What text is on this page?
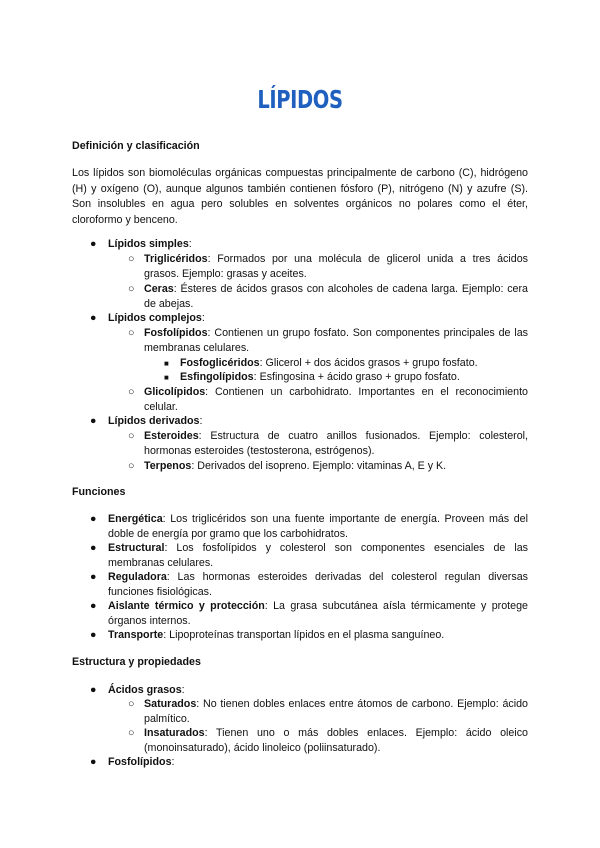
LÍPIDOS
Definición y clasificación
Los lípidos son biomoléculas orgánicas compuestas principalmente de carbono (C), hidrógeno (H) y oxígeno (O), aunque algunos también contienen fósforo (P), nitrógeno (N) y azufre (S). Son insolubles en agua pero solubles en solventes orgánicos no polares como el éter, cloroformo y benceno.
● Lípidos simples:
○ Triglicéridos: Formados por una molécula de glicerol unida a tres ácidos grasos. Ejemplo: grasas y aceites.
○ Ceras: Ésteres de ácidos grasos con alcoholes de cadena larga. Ejemplo: cera de abejas.
● Lípidos complejos:
○ Fosfolípidos: Contienen un grupo fosfato. Son componentes principales de las membranas celulares.
■ Fosfoglicéridos: Glicerol + dos ácidos grasos + grupo fosfato.
■ Esfingolípidos: Esfingosina + ácido graso + grupo fosfato.
○ Glicolípidos: Contienen un carbohidrato. Importantes en el reconocimiento celular.
● Lípidos derivados:
○ Esteroides: Estructura de cuatro anillos fusionados. Ejemplo: colesterol, hormonas esteroides (testosterona, estrógenos).
○ Terpenos: Derivados del isopreno. Ejemplo: vitaminas A, E y K.
Funciones
● Energética: Los triglicéridos son una fuente importante de energía. Proveen más del doble de energía por gramo que los carbohidratos.
● Estructural: Los fosfolípidos y colesterol son componentes esenciales de las membranas celulares.
● Reguladora: Las hormonas esteroides derivadas del colesterol regulan diversas funciones fisiológicas.
● Aislante térmico y protección: La grasa subcutánea aísla térmicamente y protege órganos internos.
● Transporte: Lipoproteínas transportan lípidos en el plasma sanguíneo.
Estructura y propiedades
● Ácidos grasos:
○ Saturados: No tienen dobles enlaces entre átomos de carbono. Ejemplo: ácido palmítico.
○ Insaturados: Tienen uno o más dobles enlaces. Ejemplo: ácido oleico (monoinsaturado), ácido linoleico (poliinsaturado).
● Fosfolípidos:
